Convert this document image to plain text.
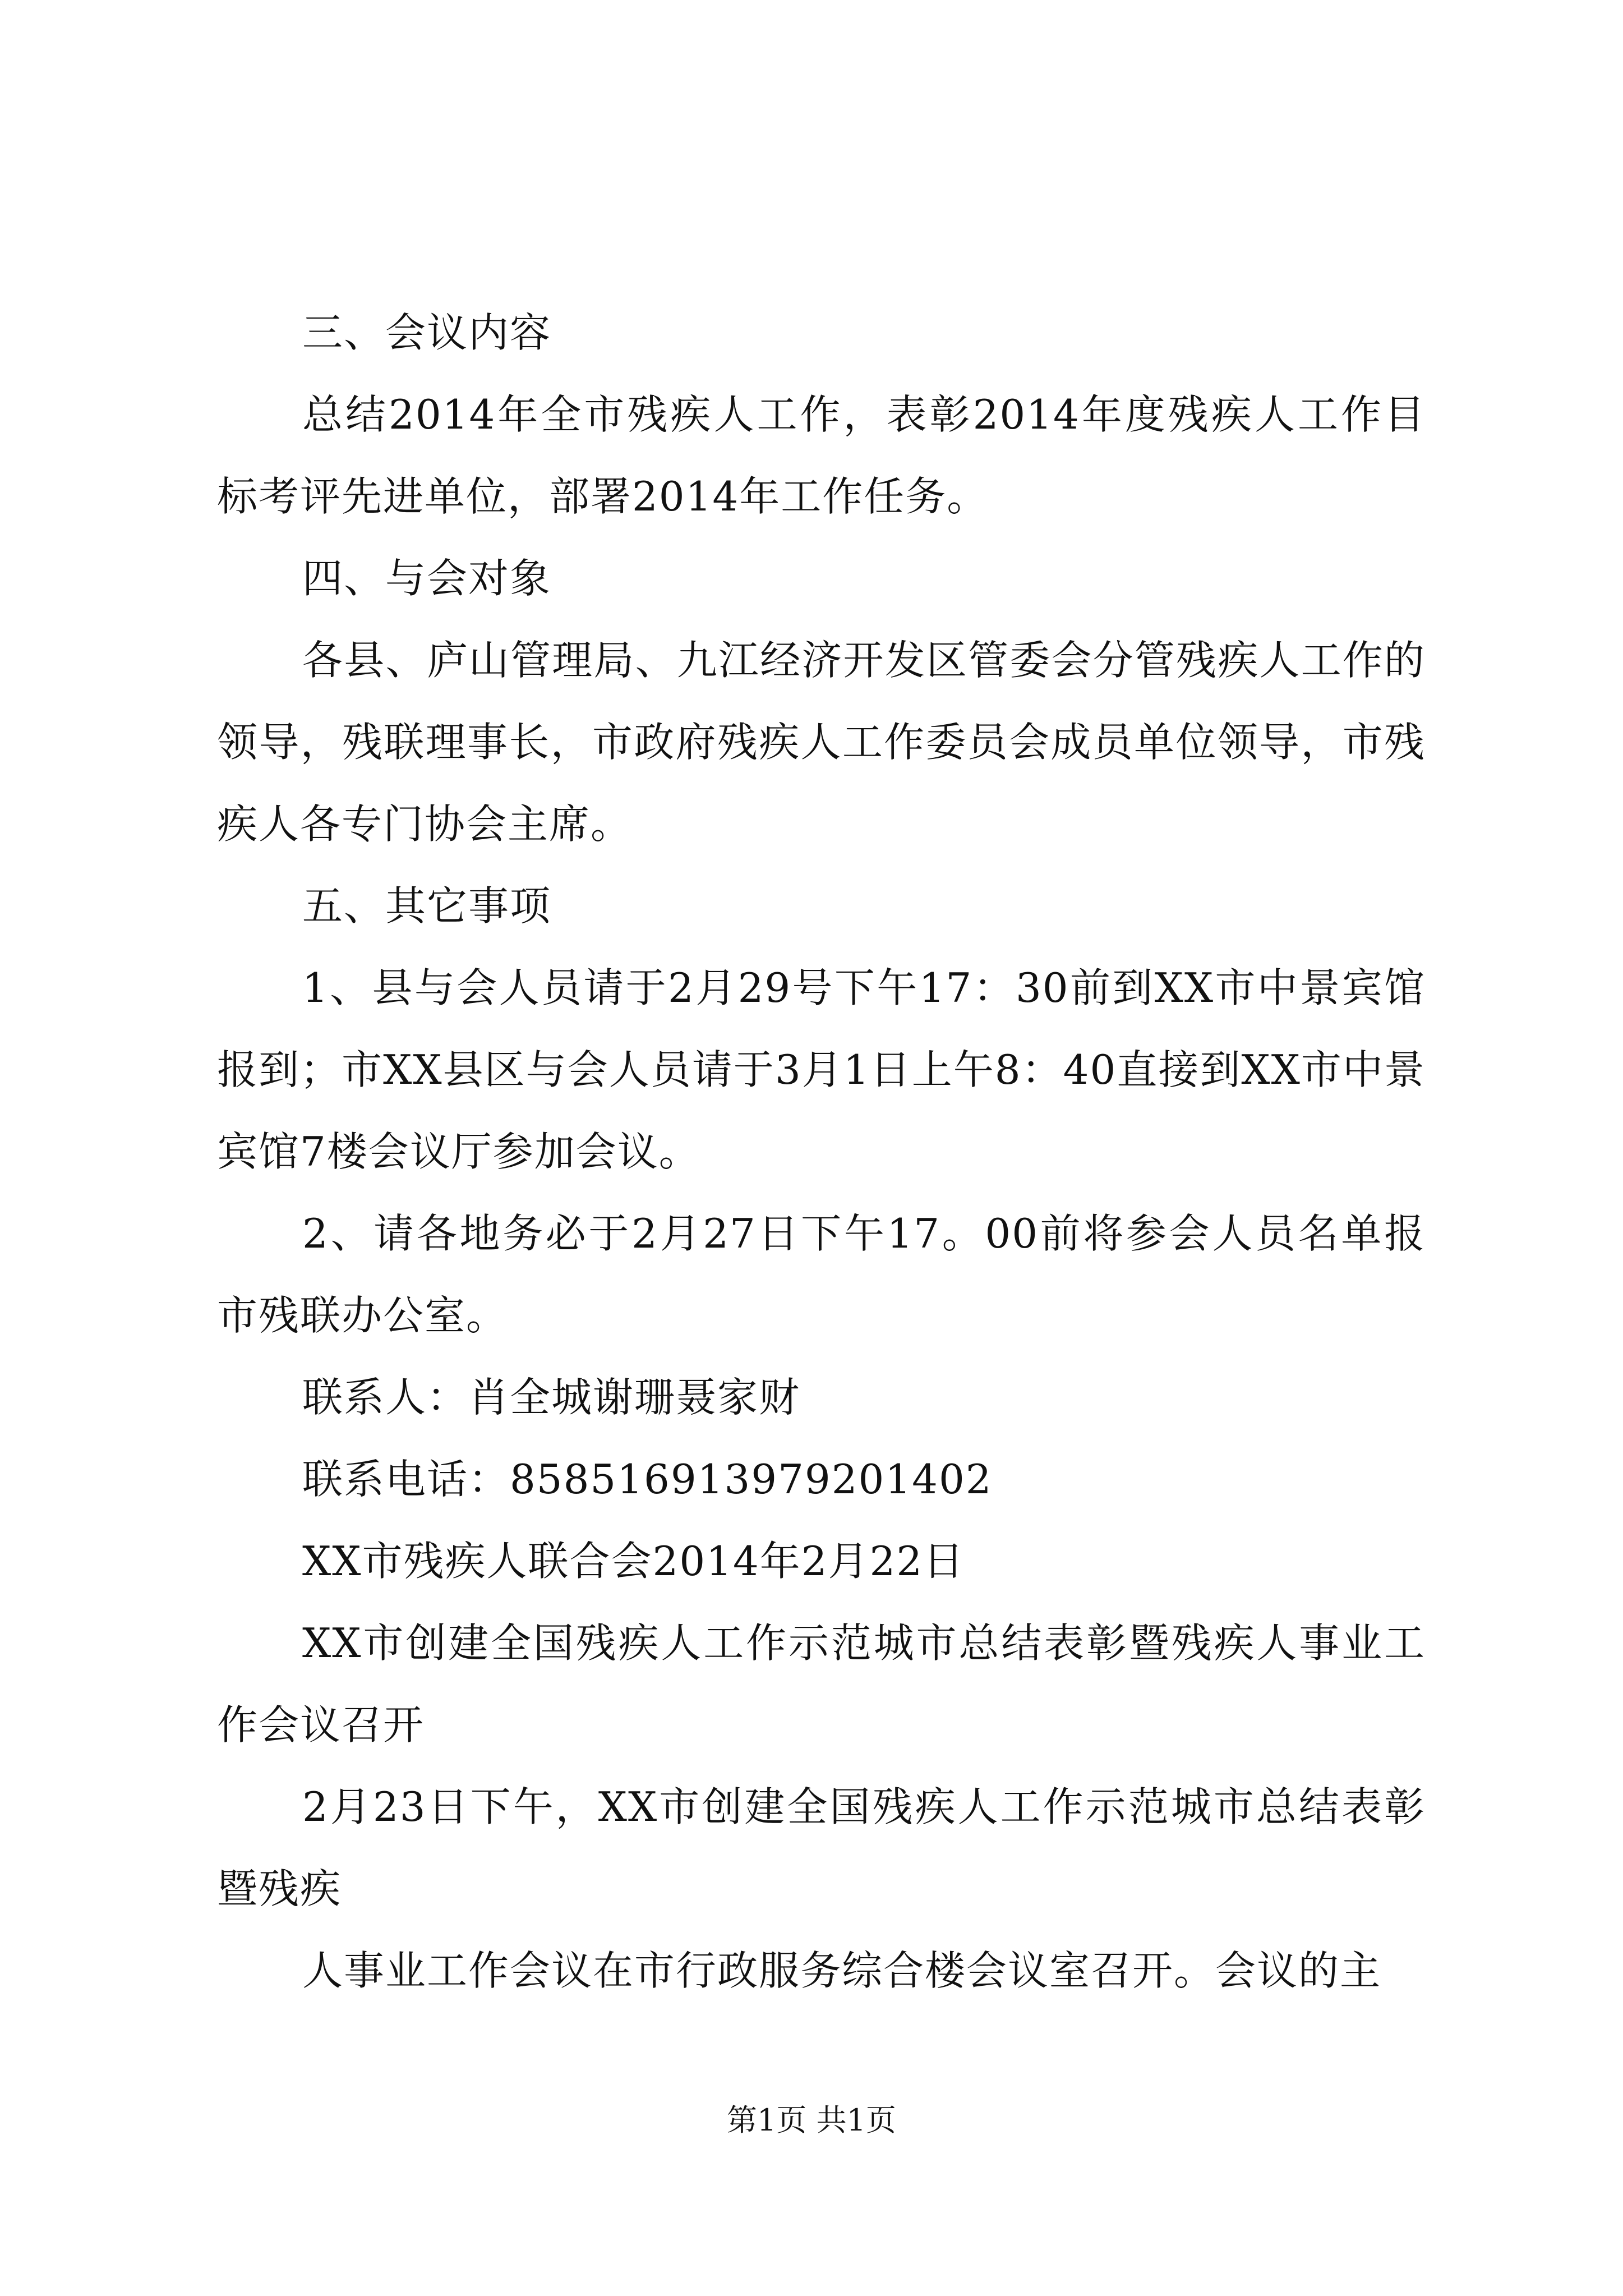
三、会议内容

总结2014年全市残疾人工作，表彰2014年度残疾人工作目标考评先进单位，部署2014年工作任务。

四、与会对象

各县、庐山管理局、九江经济开发区管委会分管残疾人工作的领导，残联理事长，市政府残疾人工作委员会成员单位领导，市残疾人各专门协会主席。

五、其它事项

1、县与会人员请于2月29号下午17：30前到XX市中景宾馆报到；市XX县区与会人员请于3月1日上午8：40直接到XX市中景宾馆7楼会议厅参加会议。

2、请各地务必于2月27日下午17。00前将参会人员名单报市残联办公室。

联系人：肖全城谢珊聂家财

联系电话：858516913979201402

XX市残疾人联合会2014年2月22日

XX市创建全国残疾人工作示范城市总结表彰暨残疾人事业工作会议召开

2月23日下午，XX市创建全国残疾人工作示范城市总结表彰暨残疾

人事业工作会议在市行政服务综合楼会议室召开。会议的主

第1页 共1页
